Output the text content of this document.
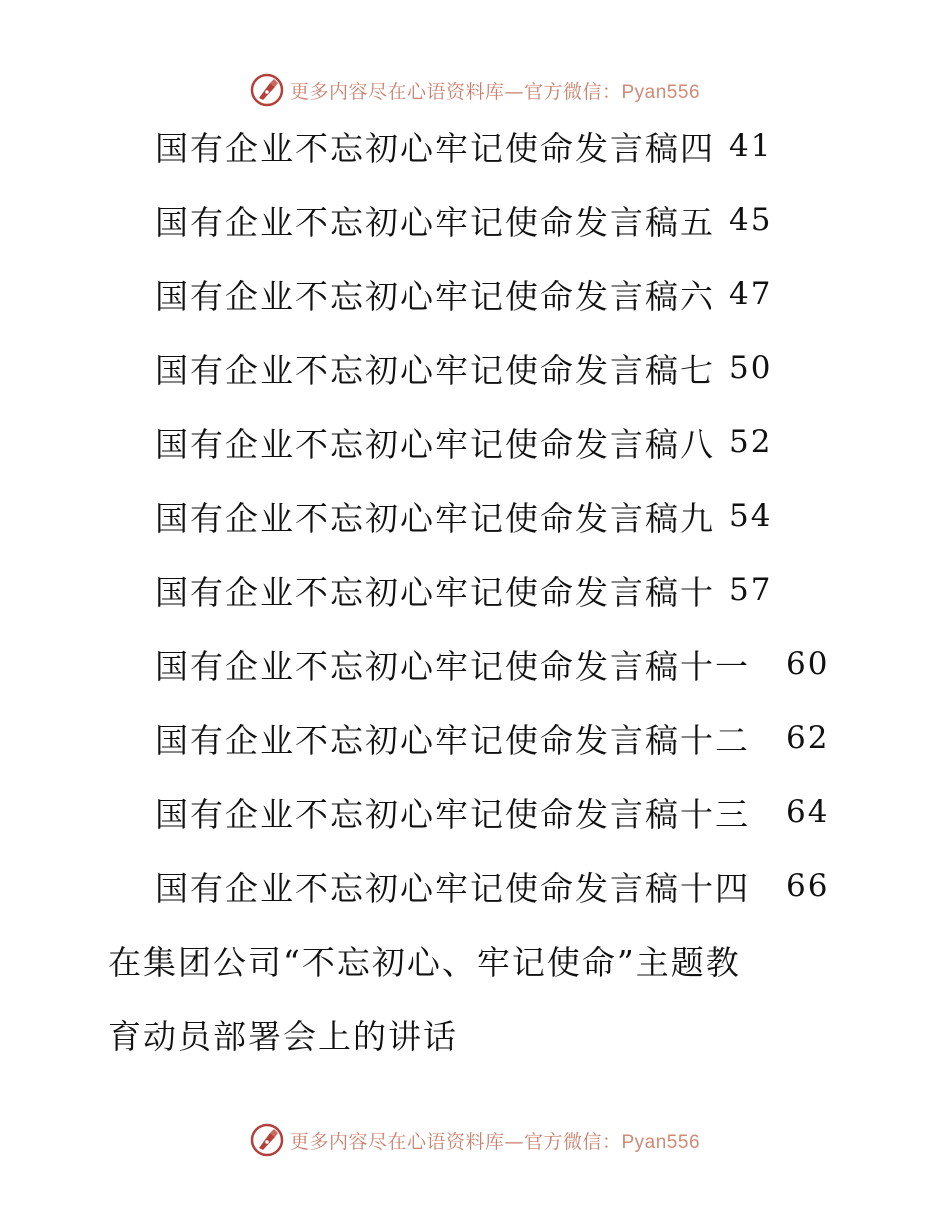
更多内容尽在心语资料库—官方微信：Pyan556
国有企业不忘初心牢记使命发言稿四 41
国有企业不忘初心牢记使命发言稿五 45
国有企业不忘初心牢记使命发言稿六 47
国有企业不忘初心牢记使命发言稿七 50
国有企业不忘初心牢记使命发言稿八 52
国有企业不忘初心牢记使命发言稿九 54
国有企业不忘初心牢记使命发言稿十 57
国有企业不忘初心牢记使命发言稿十一 60
国有企业不忘初心牢记使命发言稿十二 62
国有企业不忘初心牢记使命发言稿十三 64
国有企业不忘初心牢记使命发言稿十四 66
在集团公司“不忘初心、牢记使命”主题教
育动员部署会上的讲话
更多内容尽在心语资料库—官方微信：Pyan556
